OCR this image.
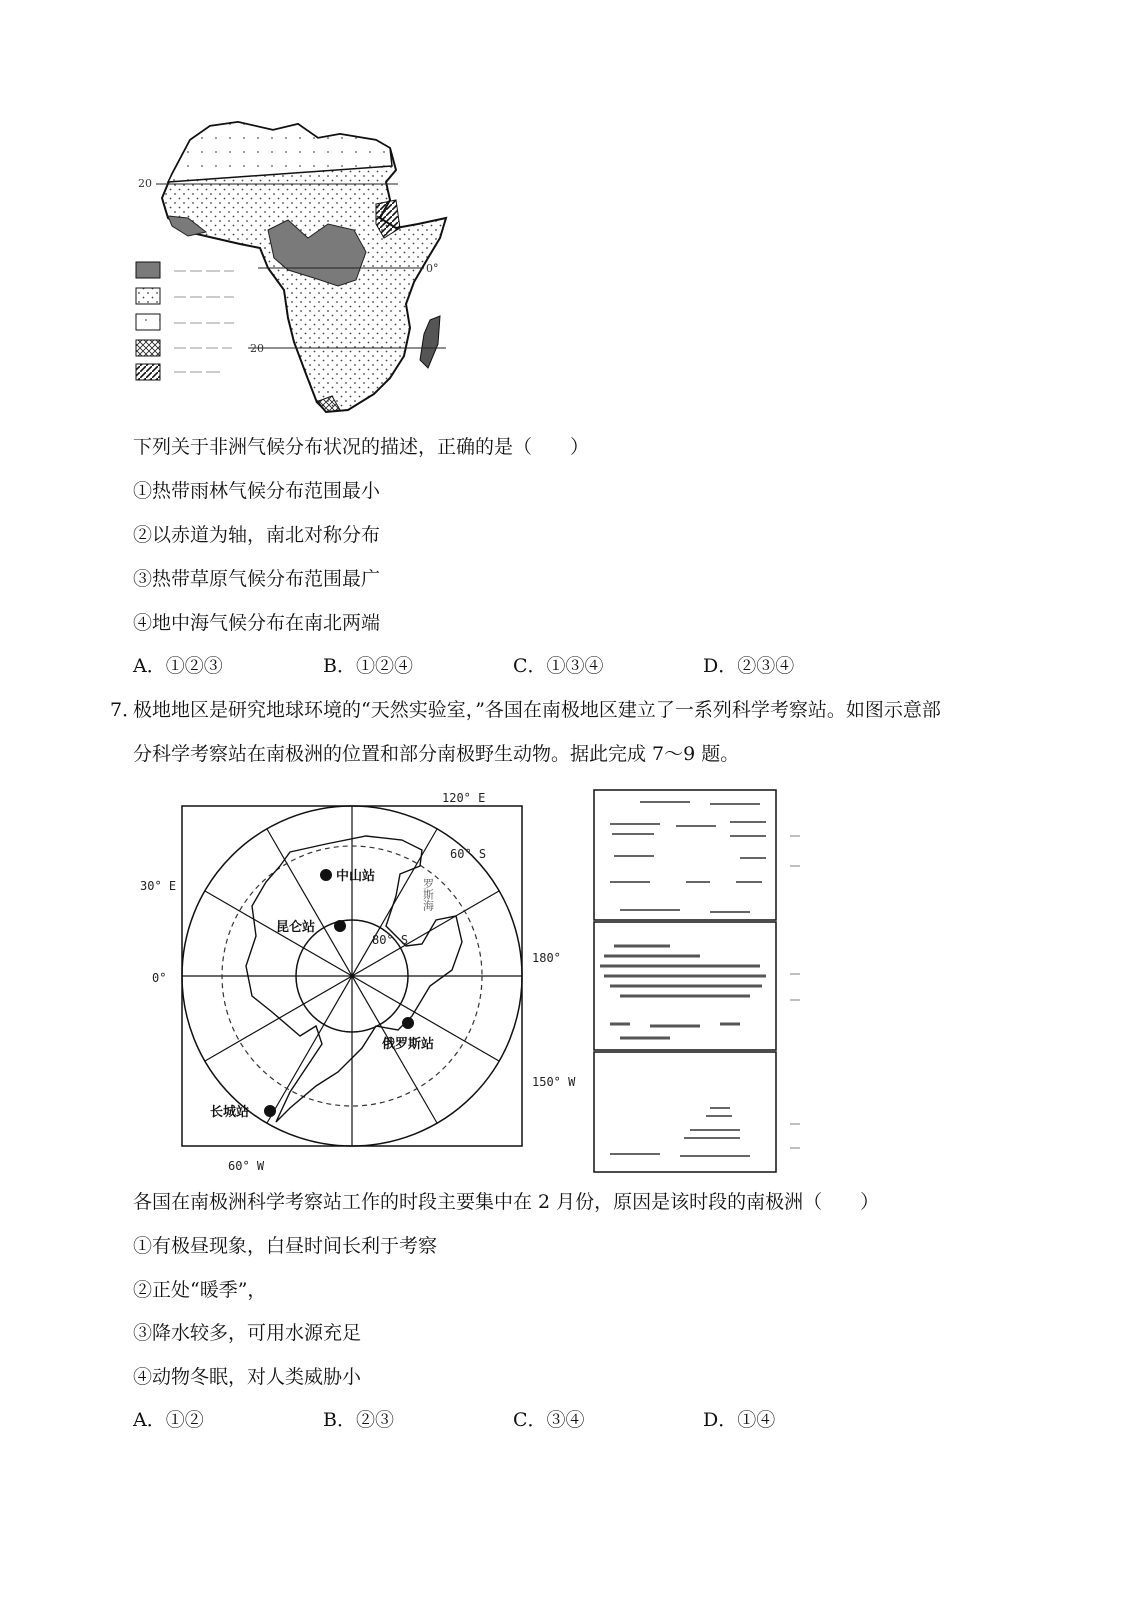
20
0°
20
下列关于非洲气候分布状况的描述，正确的是（　　）
①热带雨林气候分布范围最小
②以赤道为轴，南北对称分布
③热带草原气候分布范围最广
④地中海气候分布在南北两端
A．①②③	B．①②④	C．①③④	D．②③④
7．
极地地区是研究地球环境的“天然实验室，”各国在南极地区建立了一系列科学考察站。如图示意部
分科学考察站在南极洲的位置和部分南极野生动物。据此完成 7～9 题。
中山站
昆仑站
俄罗斯站
长城站
120° E
30° E
0°
60° S
80° S
180°
150° W
60° W
罗斯海
各国在南极洲科学考察站工作的时段主要集中在 2 月份，原因是该时段的南极洲（　　）
①有极昼现象，白昼时间长利于考察
②正处“暖季”，
③降水较多，可用水源充足
④动物冬眠，对人类威胁小
A．①②	B．②③	C．③④	D．①④
